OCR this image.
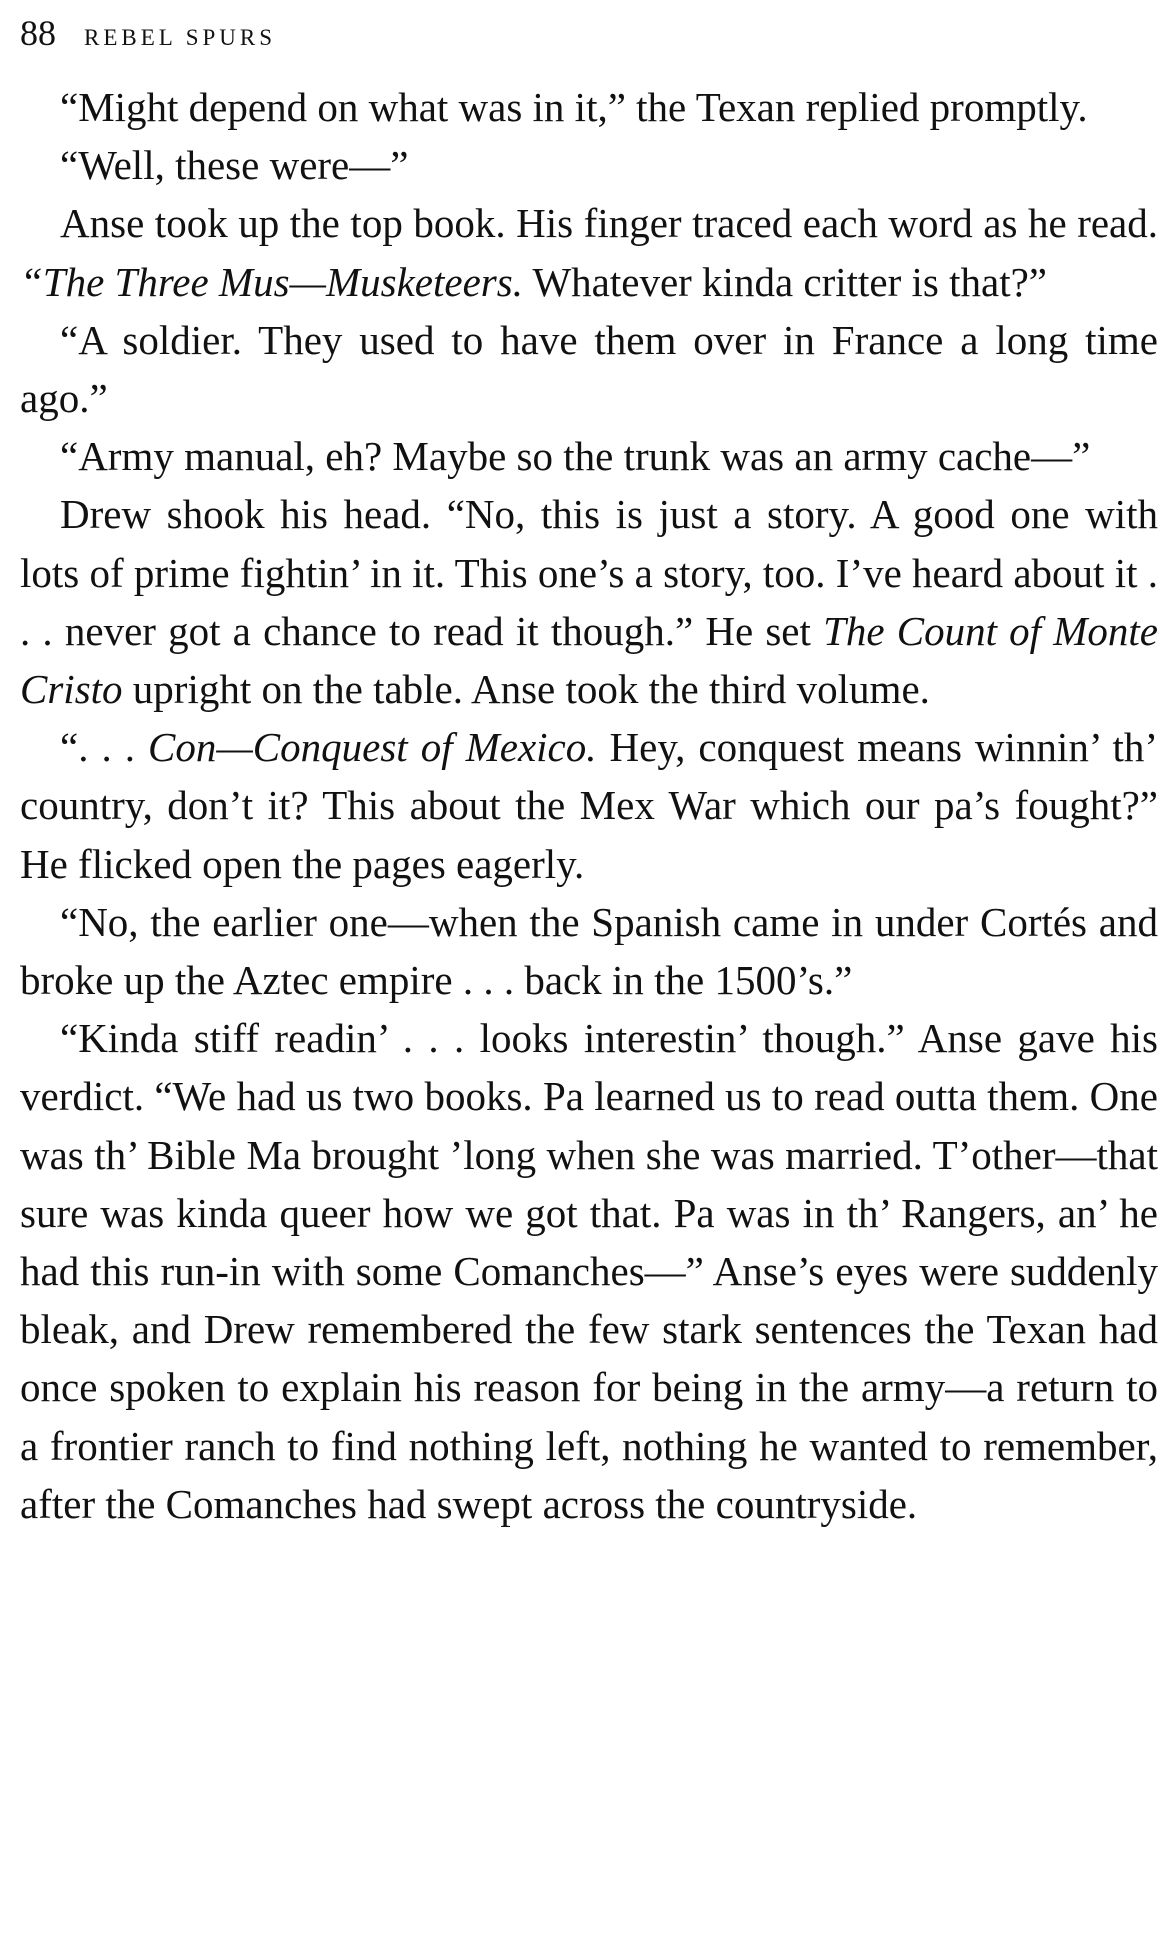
88 REBEL SPURS

“Might depend on what was in it,” the Texan replied promptly.

“Well, these were—”

Anse took up the top book. His finger traced each word as he read. “The Three Mus—Musketeers. Whatever kinda critter is that?”

“A soldier. They used to have them over in France a long time ago.”

“Army manual, eh? Maybe so the trunk was an army cache—”

Drew shook his head. “No, this is just a story. A good one with lots of prime fightin’ in it. This one’s a story, too. I’ve heard about it . . . never got a chance to read it though.” He set The Count of Monte Cristo upright on the table. Anse took the third volume.

“. . . Con—Conquest of Mexico. Hey, conquest means winnin’ th’ country, don’t it? This about the Mex War which our pa’s fought?” He flicked open the pages eagerly.

“No, the earlier one—when the Spanish came in under Cortés and broke up the Aztec empire . . . back in the 1500’s.”

“Kinda stiff readin’ . . . looks interestin’ though.” Anse gave his verdict. “We had us two books. Pa learned us to read outta them. One was th’ Bible Ma brought ’long when she was married. T’other—that sure was kinda queer how we got that. Pa was in th’ Rangers, an’ he had this run-in with some Comanches—” Anse’s eyes were suddenly bleak, and Drew remembered the few stark sentences the Texan had once spoken to explain his reason for being in the army—a return to a frontier ranch to find nothing left, nothing he wanted to remember, after the Comanches had swept across the countryside.
